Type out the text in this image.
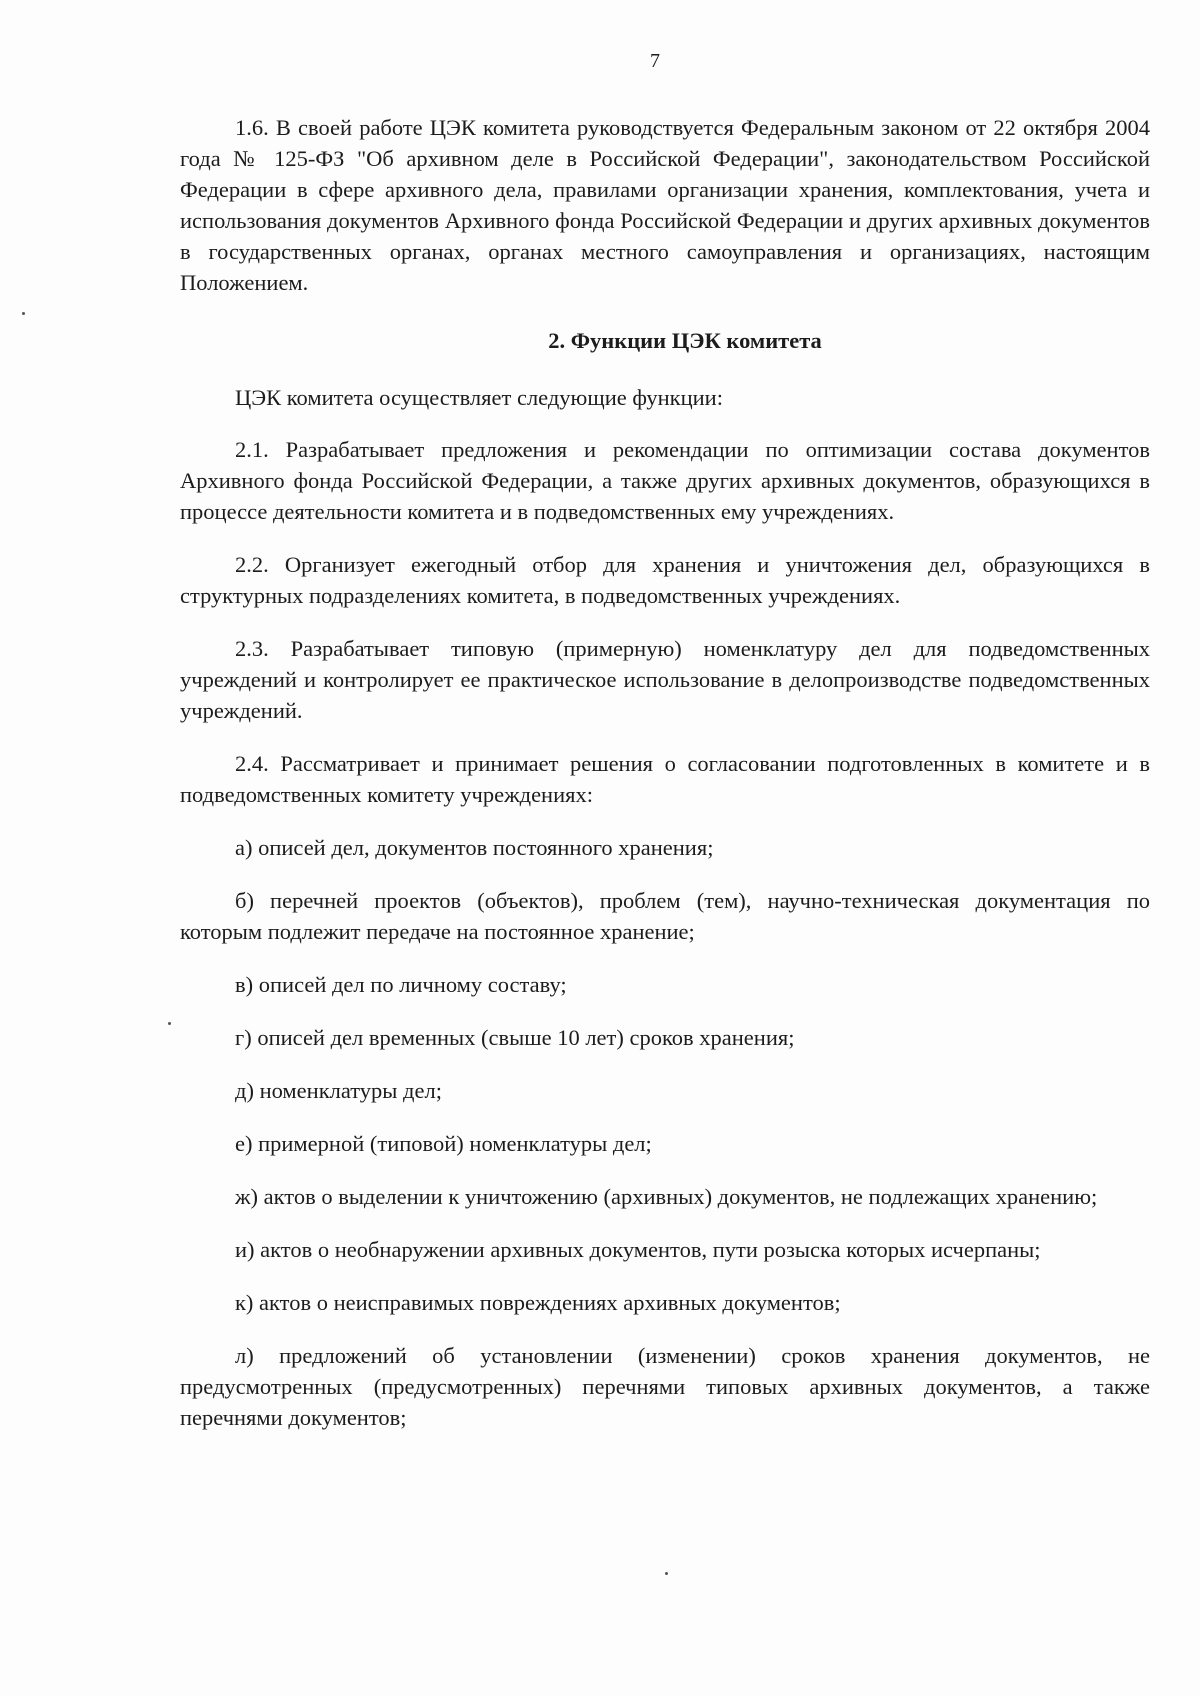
7

1.6. В своей работе ЦЭК комитета руководствуется Федеральным законом от 22 октября 2004 года № 125-ФЗ "Об архивном деле в Российской Федерации", законодательством Российской Федерации в сфере архивного дела, правилами организации хранения, комплектования, учета и использования документов Архивного фонда Российской Федерации и других архивных документов в государственных органах, органах местного самоуправления и организациях, настоящим Положением.

2. Функции ЦЭК комитета

ЦЭК комитета осуществляет следующие функции:

2.1. Разрабатывает предложения и рекомендации по оптимизации состава документов Архивного фонда Российской Федерации, а также других архивных документов, образующихся в процессе деятельности комитета и в подведомственных ему учреждениях.

2.2. Организует ежегодный отбор для хранения и уничтожения дел, образующихся в структурных подразделениях комитета, в подведомственных учреждениях.

2.3. Разрабатывает типовую (примерную) номенклатуру дел для подведомственных учреждений и контролирует ее практическое использование в делопроизводстве подведомственных учреждений.

2.4. Рассматривает и принимает решения о согласовании подготовленных в комитете и в подведомственных комитету учреждениях:

а) описей дел, документов постоянного хранения;

б) перечней проектов (объектов), проблем (тем), научно-техническая документация по которым подлежит передаче на постоянное хранение;

в) описей дел по личному составу;

г) описей дел временных (свыше 10 лет) сроков хранения;

д) номенклатуры дел;

е) примерной (типовой) номенклатуры дел;

ж) актов о выделении к уничтожению (архивных) документов, не подлежащих хранению;

и) актов о необнаружении архивных документов, пути розыска которых исчерпаны;

к) актов о неисправимых повреждениях архивных документов;

л) предложений об установлении (изменении) сроков хранения документов, не предусмотренных (предусмотренных) перечнями типовых архивных документов, а также перечнями документов;
